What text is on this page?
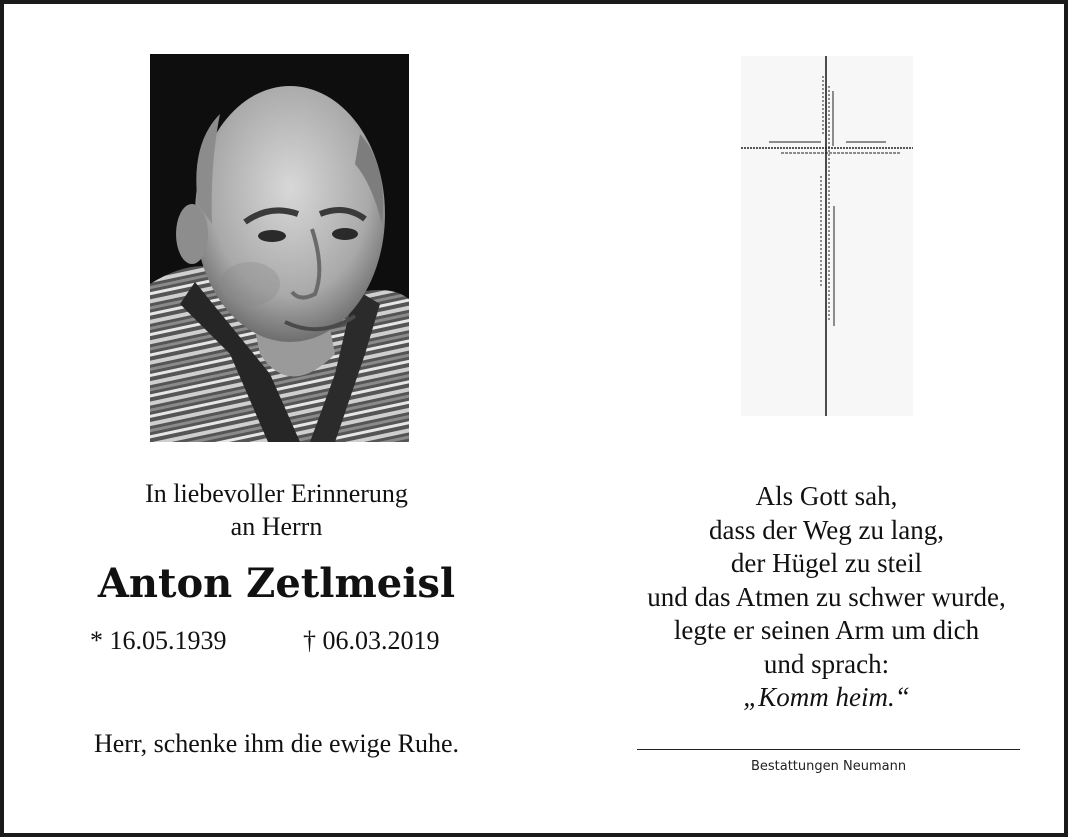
In liebevoller Erinnerung
an Herrn
Anton Zetlmeisl
* 16.05.1939	† 06.03.2019
Herr, schenke ihm die ewige Ruhe.
Als Gott sah,
dass der Weg zu lang,
der Hügel zu steil
und das Atmen zu schwer wurde,
legte er seinen Arm um dich
und sprach:
„Komm heim.“
Bestattungen Neumann
